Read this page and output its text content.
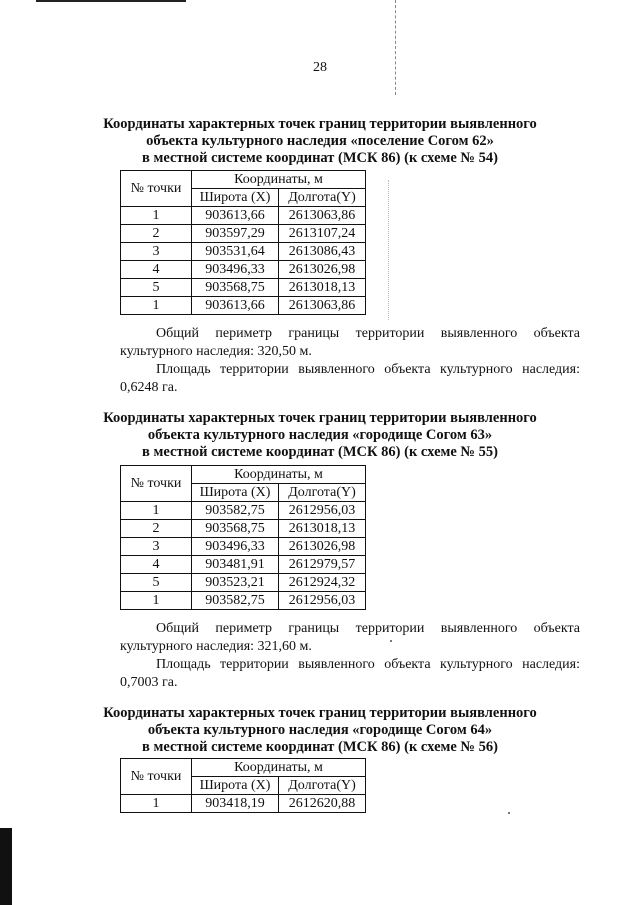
28

Координаты характерных точек границ территории выявленного

объекта культурного наследия «поселение Согом 62»

в местной системе координат (МСК 86) (к схеме № 54)

№ точки	Координаты, м	
	Широта (X)	Долгота(Y)
1	903613,66	2613063,86
2	903597,29	2613107,24
3	903531,64	2613086,43
4	903496,33	2613026,98
5	903568,75	2613018,13
1	903613,66	2613063,86
Общий периметр границы территории выявленного объекта
культурного наследия: 320,50 м.
Площадь территории выявленного объекта культурного наследия:
0,6248 га.

Координаты характерных точек границ территории выявленного

объекта культурного наследия «городище Согом 63»

в местной системе координат (МСК 86) (к схеме № 55)

№ точки	Координаты, м	
	Широта (X)	Долгота(Y)
1	903582,75	2612956,03
2	903568,75	2613018,13
3	903496,33	2613026,98
4	903481,91	2612979,57
5	903523,21	2612924,32
1	903582,75	2612956,03
Общий периметр границы территории выявленного объекта
культурного наследия: 321,60 м.
Площадь территории выявленного объекта культурного наследия:
0,7003 га.

Координаты характерных точек границ территории выявленного

объекта культурного наследия «городище Согом 64»

в местной системе координат (МСК 86) (к схеме № 56)

№ точки	Координаты, м	
	Широта (X)	Долгота(Y)
1	903418,19	2612620,88
